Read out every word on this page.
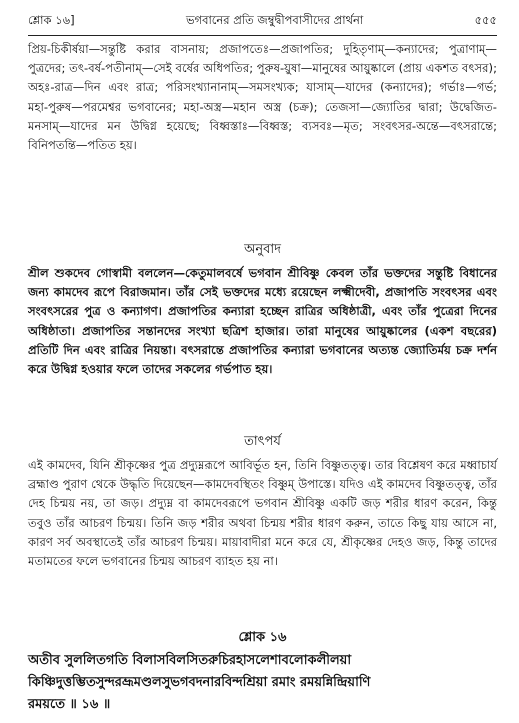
শ্লোক ১৬]	ভগবানের প্রতি জম্বুদ্বীপবাসীদের প্রার্থনা	৫৫৫

প্রিয়-চিকীর্ষয়া—সন্তুষ্টি করার বাসনায়; প্রজাপতেঃ—প্রজাপতির; দুহিতৃণাম্—কন্যাদের; পুত্রাণাম্—পুত্রদের; তৎ-বর্ষ-পতীনাম্—সেই বর্ষের অধিপতির; পুরুষ-য়ুষা—মানুষের আয়ুষ্কালে (প্রায় একশত বৎসর); অহঃ-রাত্র—দিন এবং রাত্র; পরিসংখ্যানানাম্—সমসংখ্যক; যাসাম্—যাদের (কন্যাদের); গর্ভাঃ—গর্ভ; মহা-পুরুষ—পরমেশ্বর ভগবানের; মহা-অস্ত্র—মহান অস্ত্র (চক্র); তেজসা—জ্যোতির দ্বারা; উদ্বেজিত-মনসাম্—যাদের মন উদ্বিগ্ন হয়েছে; বিধ্বস্তাঃ—বিধ্বস্ত; ব্যসবঃ—মৃত; সংবৎসর-অন্তে—বৎসরান্তে; বিনিপতন্তি—পতিত হয়।

অনুবাদ

শ্রীল শুকদেব গোস্বামী বললেন—কেতুমালবর্ষে ভগবান শ্রীবিষ্ণু কেবল তাঁর ভক্তদের সন্তুষ্টি বিধানের জন্য কামদেব রূপে বিরাজমান। তাঁর সেই ভক্তদের মধ্যে রয়েছেন লক্ষ্মীদেবী, প্রজাপতি সংবৎসর এবং সংবৎসরের পুত্র ও কন্যাগণ। প্রজাপতির কন্যারা হচ্ছেন রাত্রির অধিষ্ঠাত্রী, এবং তাঁর পুত্রেরা দিনের অধিষ্ঠাতা। প্রজাপতির সন্তানদের সংখ্যা ছত্রিশ হাজার। তারা মানুষের আয়ুষ্কালের (একশ বছরের) প্রতিটি দিন এবং রাত্রির নিয়ন্তা। বৎসরান্তে প্রজাপতির কন্যারা ভগবানের অত্যন্ত জ্যোতির্ময় চক্র দর্শন করে উদ্বিগ্ন হওয়ার ফলে তাদের সকলের গর্ভপাত হয়।

তাৎপর্য

এই কামদেব, যিনি শ্রীকৃষ্ণের পুত্র প্রদ্যুম্নরূপে আবির্ভূত হন, তিনি বিষ্ণুতত্ত্ব। তার বিশ্লেষণ করে মধ্বাচার্য ব্রহ্মাণ্ড পুরাণ থেকে উদ্ধৃতি দিয়েছেন—কামদেবস্থিতং বিষ্ণুম্ উপাস্তে। যদিও এই কামদেব বিষ্ণুতত্ত্ব, তাঁর দেহ চিন্ময় নয়, তা জড়। প্রদ্যুম্ন বা কামদেবরূপে ভগবান শ্রীবিষ্ণু একটি জড় শরীর ধারণ করেন, কিন্তু তবুও তাঁর আচরণ চিন্ময়। তিনি জড় শরীর অথবা চিন্ময় শরীর ধারণ করুন, তাতে কিছু যায় আসে না, কারণ সর্ব অবস্থাতেই তাঁর আচরণ চিন্ময়। মায়াবাদীরা মনে করে যে, শ্রীকৃষ্ণের দেহও জড়, কিন্তু তাদের মতামতের ফলে ভগবানের চিন্ময় আচরণ ব্যাহত হয় না।

শ্লোক ১৬
অতীব সুললিতগতি বিলাসবিলসিতরুচিরহাসলেশাবলোকলীলয়া
কিঞ্চিদুত্তম্ভিতসুন্দরভ্রূমণ্ডলসুভগবদনারবিন্দশ্রিয়া রমাং রময়ন্নিন্দ্রিয়াণি
রময়তে ॥ ১৬ ॥
